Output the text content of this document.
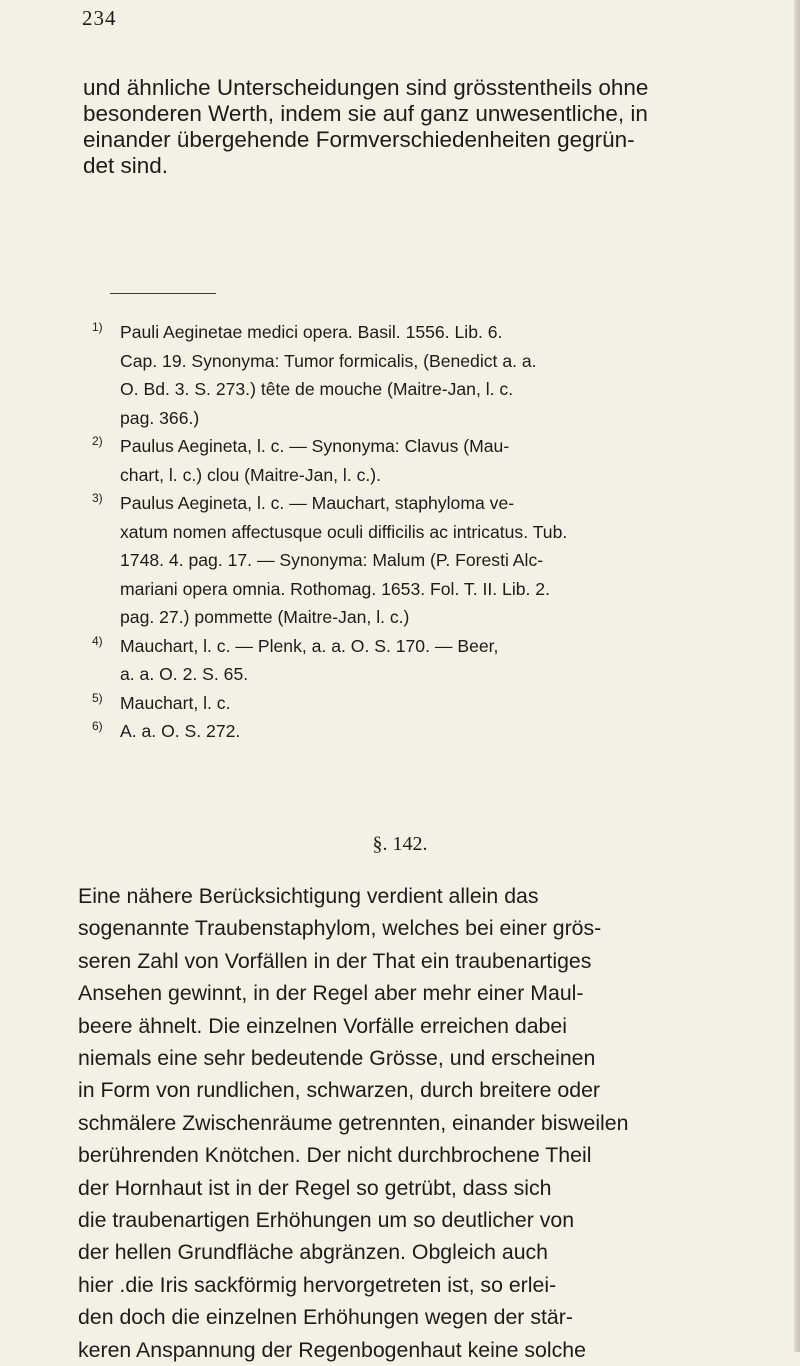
234
und ähnliche Unterscheidungen sind grösstentheils ohne
besonderen Werth, indem sie auf ganz unwesentliche, in
einander übergehende Formverschiedenheiten gegrün-
det sind.
1) Pauli Aeginetae medici opera. Basil. 1556. Lib. 6.
Cap. 19. Synonyma: Tumor formicalis, (Benedict a. a.
O. Bd. 3. S. 273.) tête de mouche (Maitre-Jan, l. c.
pag. 366.)
2) Paulus Aegineta, l. c. — Synonyma: Clavus (Mau-
chart, l. c.) clou (Maitre-Jan, l. c.).
3) Paulus Aegineta, l. c. — Mauchart, staphyloma ve-
xatum nomen affectusque oculi difficilis ac intricatus. Tub.
1748. 4. pag. 17. — Synonyma: Malum (P. Foresti Alc-
mariani opera omnia. Rothomag. 1653. Fol. T. II. Lib. 2.
pag. 27.) pommette (Maitre-Jan, l. c.)
4) Mauchart, l. c. — Plenk, a. a. O. S. 170. — Beer,
a. a. O. 2. S. 65.
5) Mauchart, l. c.
6) A. a. O. S. 272.
§. 142.
Eine nähere Berücksichtigung verdient allein das
sogenannte Traubenstaphylom, welches bei einer grös-
seren Zahl von Vorfällen in der That ein traubenartiges
Ansehen gewinnt, in der Regel aber mehr einer Maul-
beere ähnelt. Die einzelnen Vorfälle erreichen dabei
niemals eine sehr bedeutende Grösse, und erscheinen
in Form von rundlichen, schwarzen, durch breitere oder
schmälere Zwischenräume getrennten, einander bisweilen
berührenden Knötchen. Der nicht durchbrochene Theil
der Hornhaut ist in der Regel so getrübt, dass sich
die traubenartigen Erhöhungen um so deutlicher von
der hellen Grundfläche abgränzen. Obgleich auch
hier .die Iris sackförmig hervorgetreten ist, so erlei-
den doch die einzelnen Erhöhungen wegen der stär-
keren Anspannung der Regenbogenhaut keine solche
